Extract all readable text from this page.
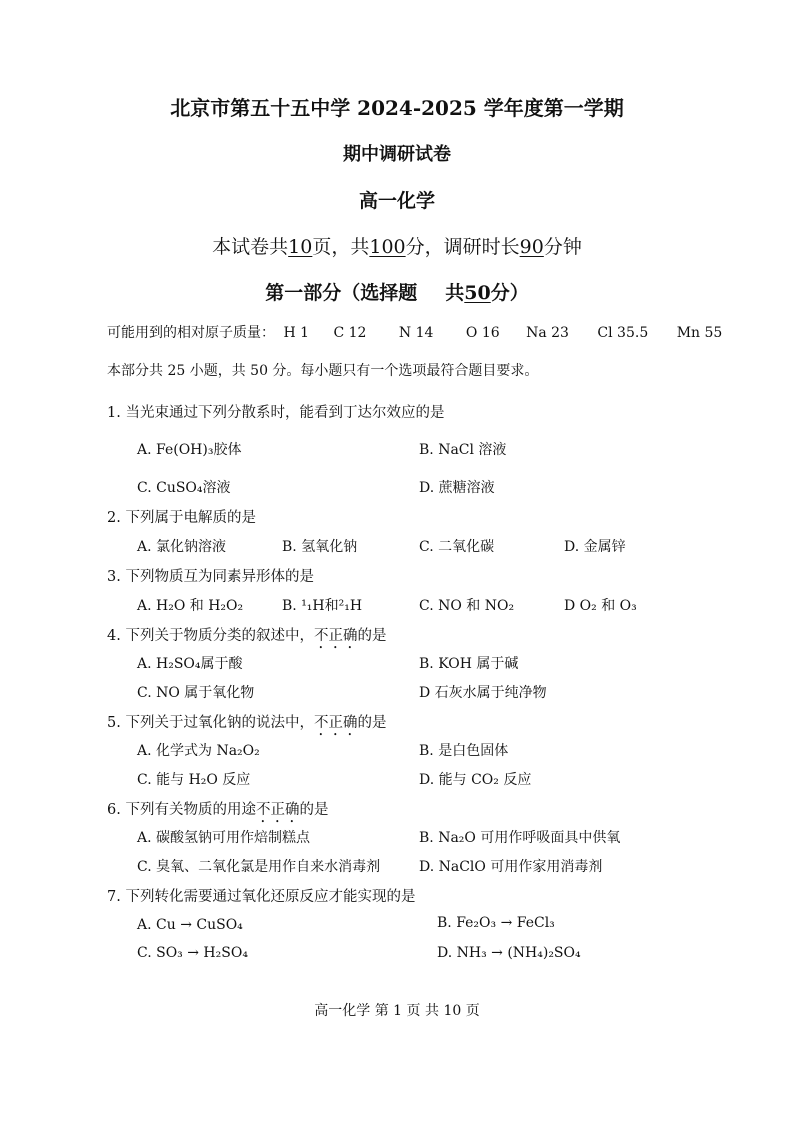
北京市第五十五中学 2024-2025 学年度第一学期
期中调研试卷
高一化学
本试卷共10页，共100分，调研时长90分钟
第一部分（选择题 共50分）
可能用到的相对原子质量： H 1 C 12 N 14 O 16 Na 23 Cl 35.5 Mn 55
本部分共 25 小题，共 50 分。每小题只有一个选项最符合题目要求。
1. 当光束通过下列分散系时，能看到丁达尔效应的是
A. Fe(OH)₃胶体	B. NaCl 溶液
C. CuSO₄溶液	D. 蔗糖溶液
2. 下列属于电解质的是
A. 氯化钠溶液	B. 氢氧化钠	C. 二氧化碳	D. 金属锌
3. 下列物质互为同素异形体的是
A. H₂O 和 H₂O₂	B. ¹₁H和²₁H	C. NO 和 NO₂	D O₂ 和 O₃
4. 下列关于物质分类的叙述中，不正确的是
A. H₂SO₄属于酸	B. KOH 属于碱
C. NO 属于氧化物	D 石灰水属于纯净物
5. 下列关于过氧化钠的说法中，不正确的是
A. 化学式为 Na₂O₂	B. 是白色固体
C. 能与 H₂O 反应	D. 能与 CO₂ 反应
6. 下列有关物质的用途不正确的是
A. 碳酸氢钠可用作焙制糕点	B. Na₂O 可用作呼吸面具中供氧
C. 臭氧、二氧化氯是用作自来水消毒剂	D. NaClO 可用作家用消毒剂
7. 下列转化需要通过氧化还原反应才能实现的是
A. Cu → CuSO₄	B. Fe₂O₃ → FeCl₃
C. SO₃ → H₂SO₄	D. NH₃ → (NH₄)₂SO₄
高一化学 第 1 页 共 10 页
